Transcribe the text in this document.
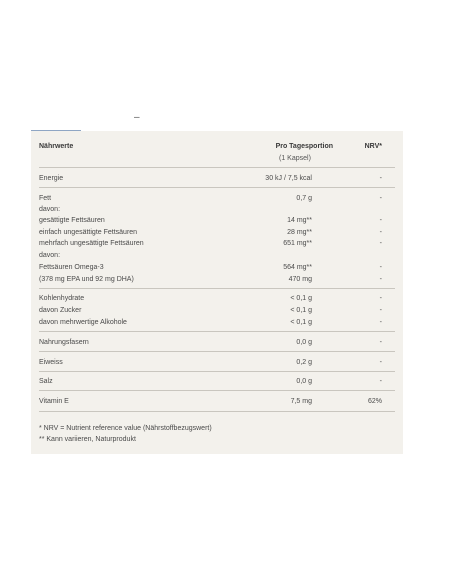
–
Nährwerte	Pro Tagesportion	NRV*
(1 Kapsel)
Energie	30 kJ / 7,5 kcal	-
Fett	0,7 g	-
davon:
gesättigte Fettsäuren	14 mg**	-
einfach ungesättigte Fettsäuren	28 mg**	-
mehrfach ungesättigte Fettsäuren	651 mg**	-
davon:
Fettsäuren Omega-3	564 mg**	-
(378 mg EPA und 92 mg DHA)	470 mg	-
Kohlenhydrate	< 0,1 g	-
davon Zucker	< 0,1 g	-
davon mehrwertige Alkohole	< 0,1 g	-
Nahrungsfasern	0,0 g	-
Eiweiss	0,2 g	-
Salz	0,0 g	-
Vitamin E	7,5 mg	62%
* NRV = Nutrient reference value (Nährstoffbezugswert)
** Kann variieren, Naturprodukt
